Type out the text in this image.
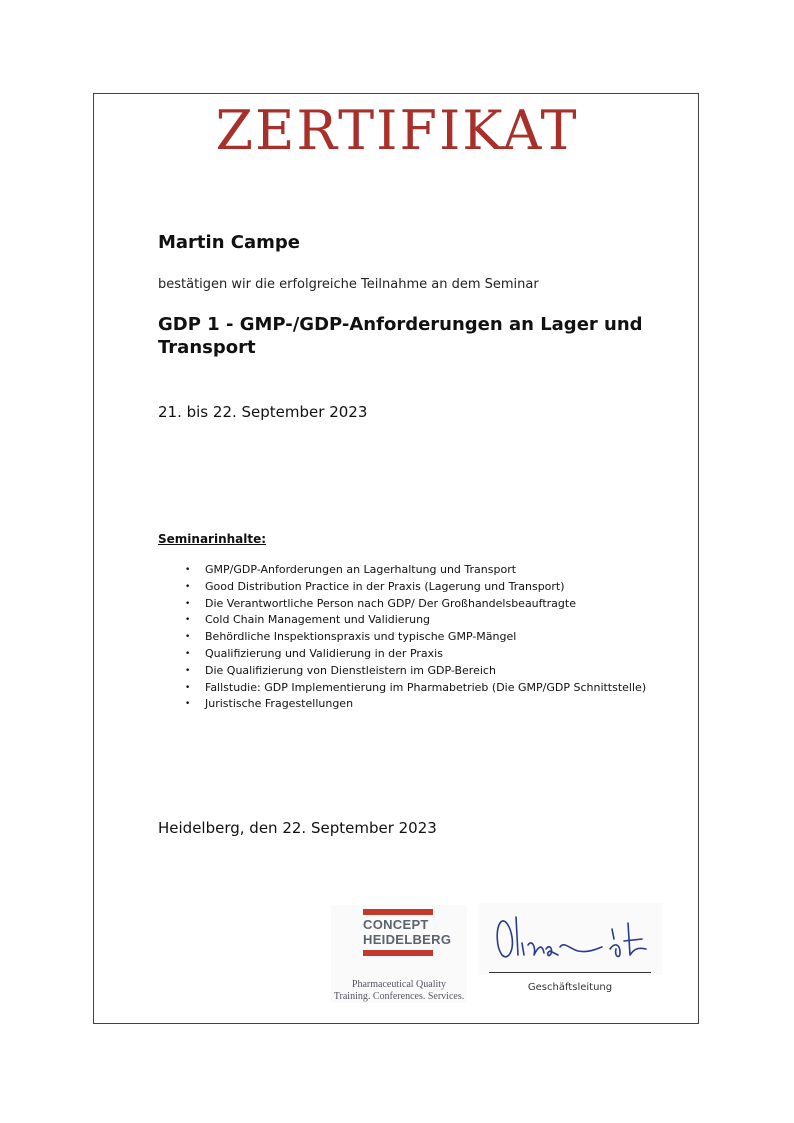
ZERTIFIKAT
Martin Campe
bestätigen wir die erfolgreiche Teilnahme an dem Seminar
GDP 1 - GMP-/GDP-Anforderungen an Lager und Transport
21. bis 22. September 2023
Seminarinhalte:
• GMP/GDP-Anforderungen an Lagerhaltung und Transport
• Good Distribution Practice in der Praxis (Lagerung und Transport)
• Die Verantwortliche Person nach GDP/ Der Großhandelsbeauftragte
• Cold Chain Management und Validierung
• Behördliche Inspektionspraxis und typische GMP-Mängel
• Qualifizierung und Validierung in der Praxis
• Die Qualifizierung von Dienstleistern im GDP-Bereich
• Fallstudie: GDP Implementierung im Pharmabetrieb (Die GMP/GDP Schnittstelle)
• Juristische Fragestellungen
Heidelberg, den 22. September 2023
CONCEPT
HEIDELBERG
Pharmaceutical Quality
Training. Conferences. Services.
Geschäftsleitung
